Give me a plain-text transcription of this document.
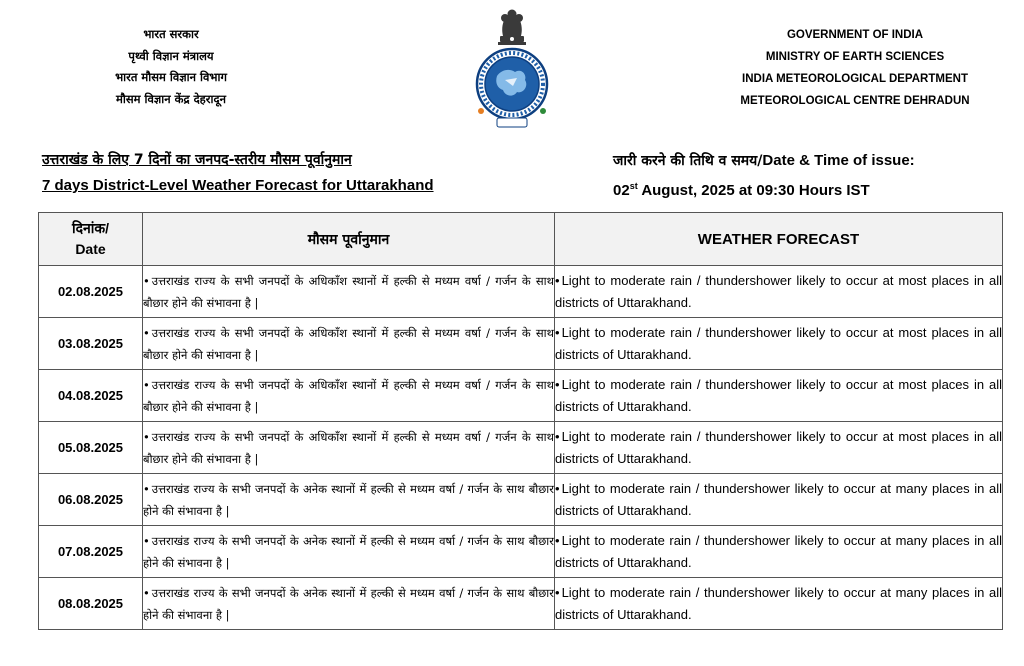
भारत सरकार
पृथ्वी विज्ञान मंत्रालय
भारत मौसम विज्ञान विभाग
मौसम विज्ञान केंद्र देहरादून
GOVERNMENT OF INDIA
MINISTRY OF EARTH SCIENCES
INDIA METEOROLOGICAL DEPARTMENT
METEOROLOGICAL CENTRE DEHRADUN
उत्तराखंड के लिए 7 दिनों का जनपद-स्तरीय मौसम पूर्वानुमान
7 days District-Level Weather Forecast for Uttarakhand
जारी करने की तिथि व समय/Date & Time of issue:
02st August, 2025 at 09:30 Hours IST
दिनांक/
Date	मौसम पूर्वानुमान	WEATHER FORECAST
02.08.2025	• उत्तराखंड राज्य के सभी जनपदों के अधिकाँश स्थानों में हल्की से मध्यम वर्षा / गर्जन के साथ बौछार होने की संभावना है |	• Light to moderate rain / thundershower likely to occur at most places in all districts of Uttarakhand.
03.08.2025	• उत्तराखंड राज्य के सभी जनपदों के अधिकाँश स्थानों में हल्की से मध्यम वर्षा / गर्जन के साथ बौछार होने की संभावना है |	• Light to moderate rain / thundershower likely to occur at most places in all districts of Uttarakhand.
04.08.2025	• उत्तराखंड राज्य के सभी जनपदों के अधिकाँश स्थानों में हल्की से मध्यम वर्षा / गर्जन के साथ बौछार होने की संभावना है |	• Light to moderate rain / thundershower likely to occur at most places in all districts of Uttarakhand.
05.08.2025	• उत्तराखंड राज्य के सभी जनपदों के अधिकाँश स्थानों में हल्की से मध्यम वर्षा / गर्जन के साथ बौछार होने की संभावना है |	• Light to moderate rain / thundershower likely to occur at most places in all districts of Uttarakhand.
06.08.2025	• उत्तराखंड राज्य के सभी जनपदों के अनेक स्थानों में हल्की से मध्यम वर्षा / गर्जन के साथ बौछार होने की संभावना है |	• Light to moderate rain / thundershower likely to occur at many places in all districts of Uttarakhand.
07.08.2025	• उत्तराखंड राज्य के सभी जनपदों के अनेक स्थानों में हल्की से मध्यम वर्षा / गर्जन के साथ बौछार होने की संभावना है |	• Light to moderate rain / thundershower likely to occur at many places in all districts of Uttarakhand.
08.08.2025	• उत्तराखंड राज्य के सभी जनपदों के अनेक स्थानों में हल्की से मध्यम वर्षा / गर्जन के साथ बौछार होने की संभावना है |	• Light to moderate rain / thundershower likely to occur at many places in all districts of Uttarakhand.
